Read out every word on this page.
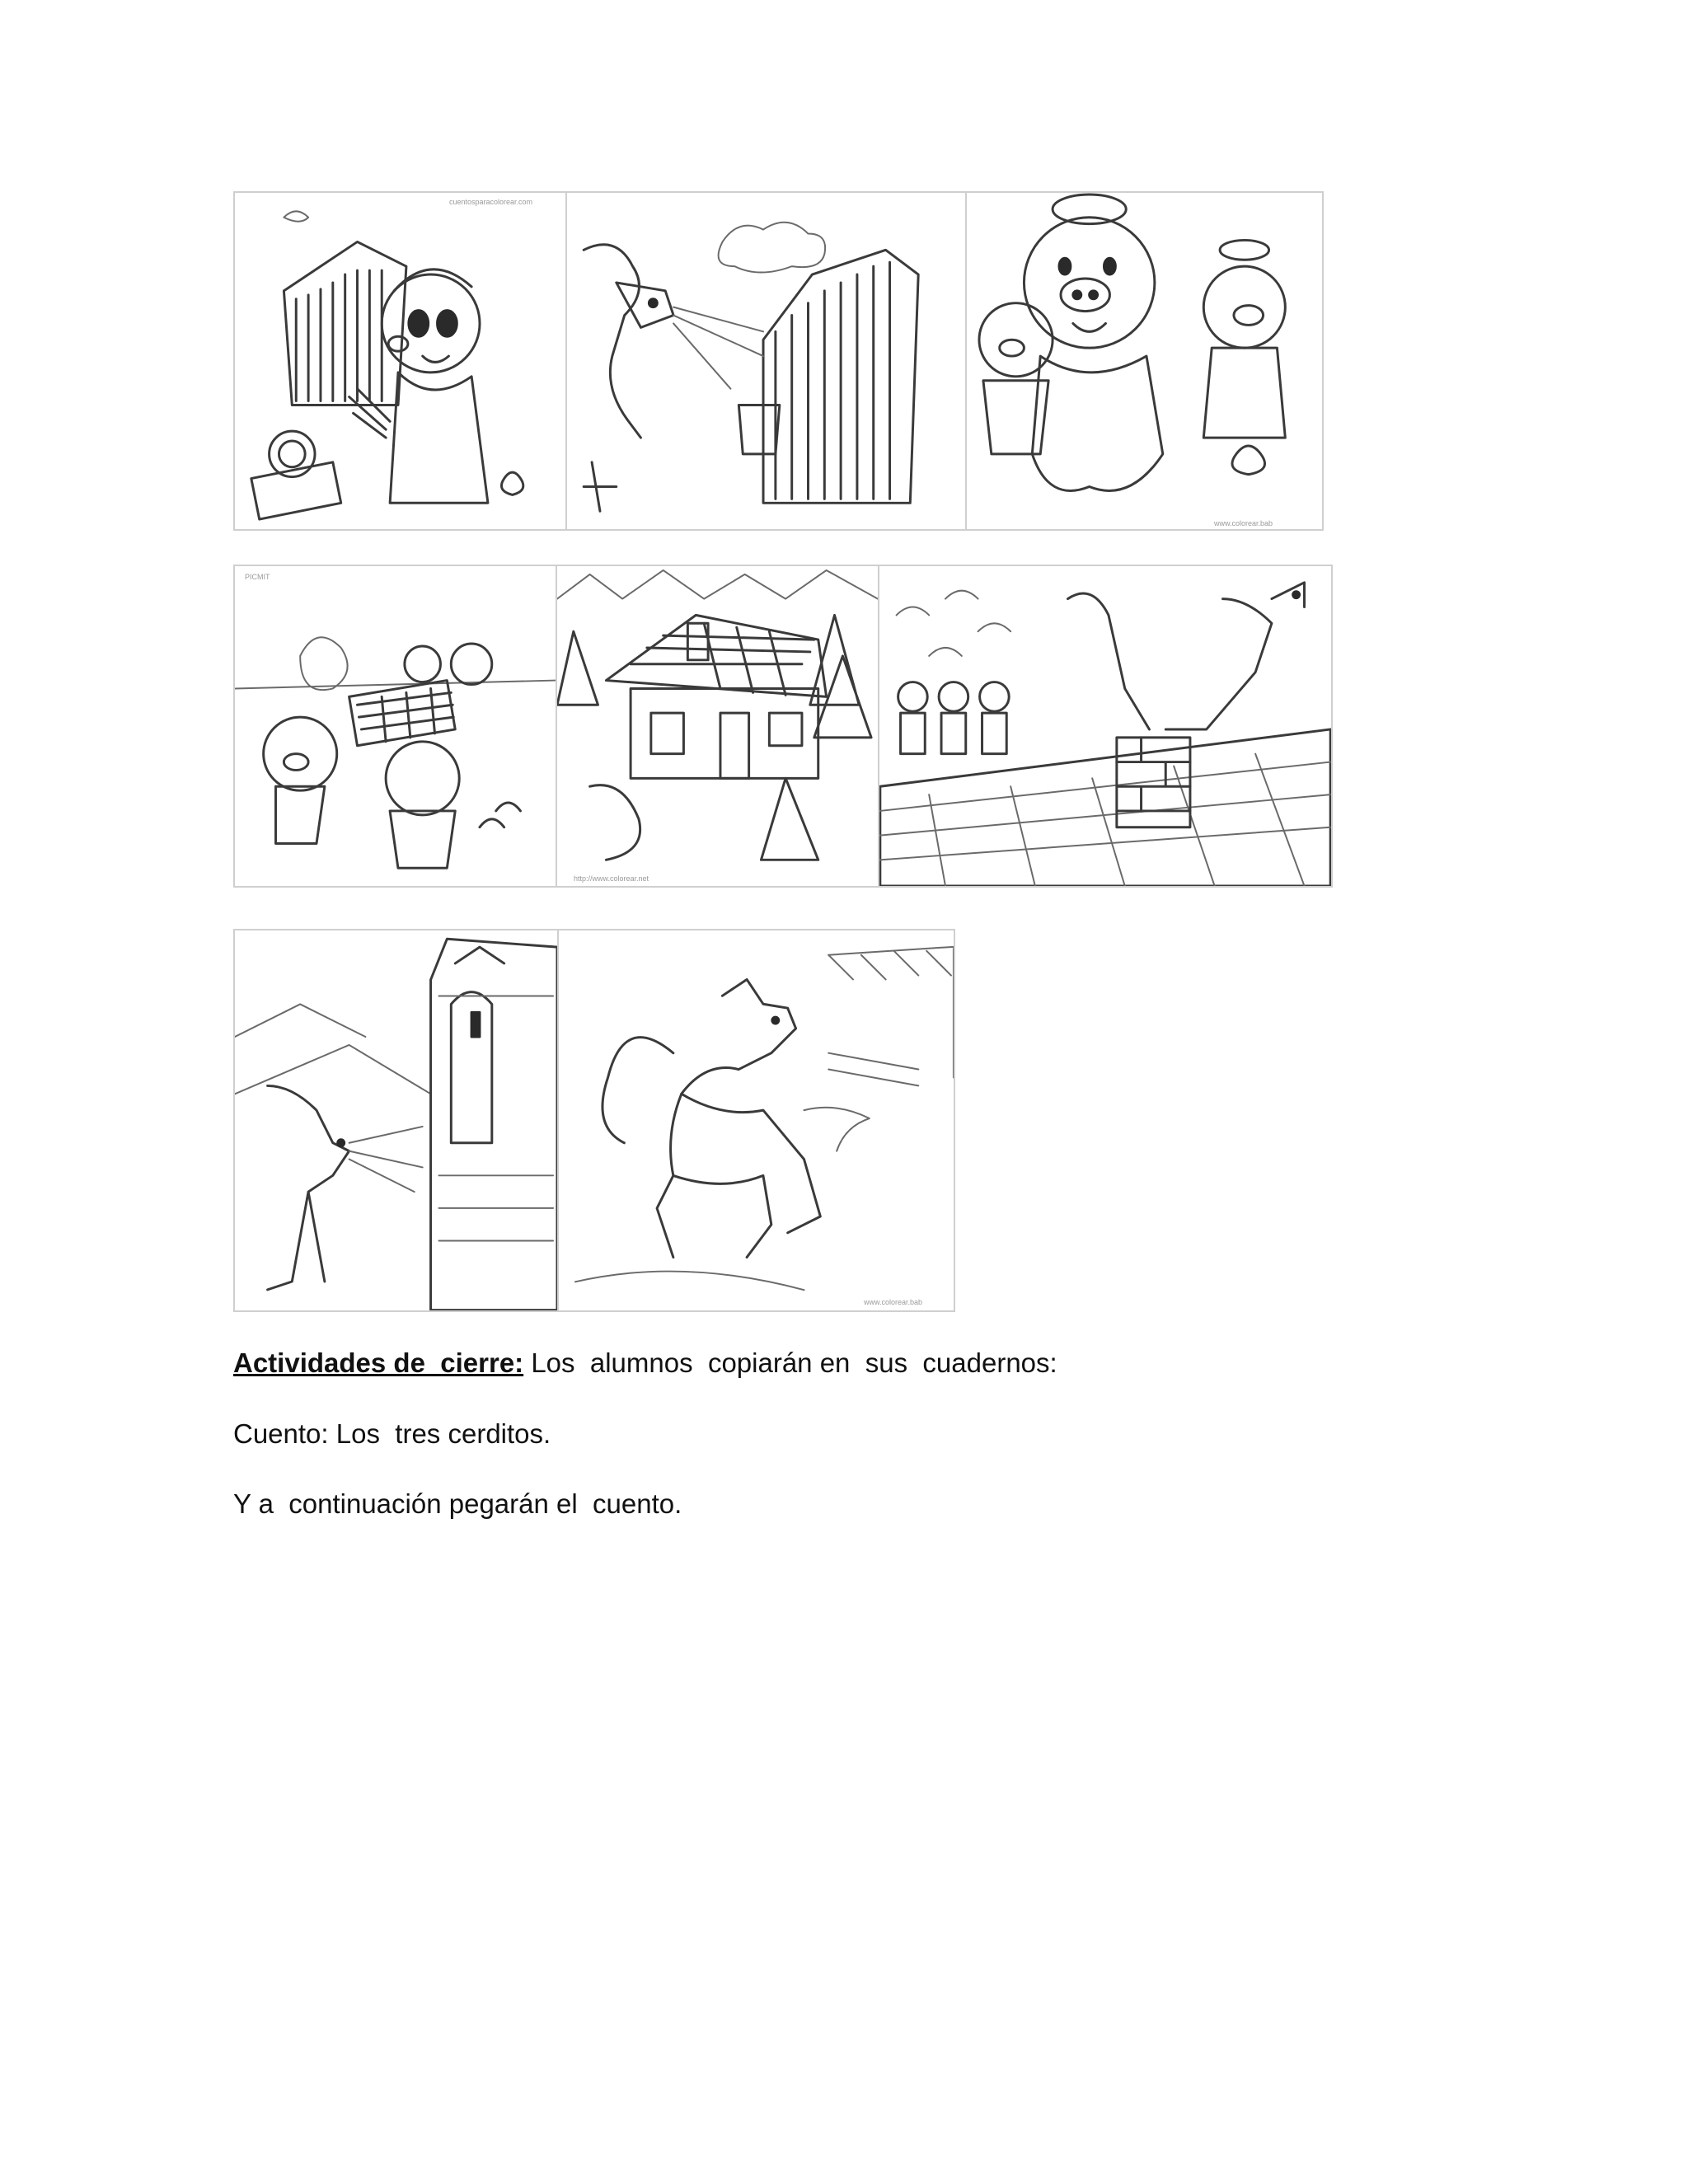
cuentosparacolorear.com
www.colorear.bab
PICMIT
http://www.colorear.net
www.colorear.bab
Actividades de  cierre: Los  alumnos  copiarán en  sus  cuadernos:
Cuento: Los  tres cerditos.
Y a  continuación pegarán el  cuento.
